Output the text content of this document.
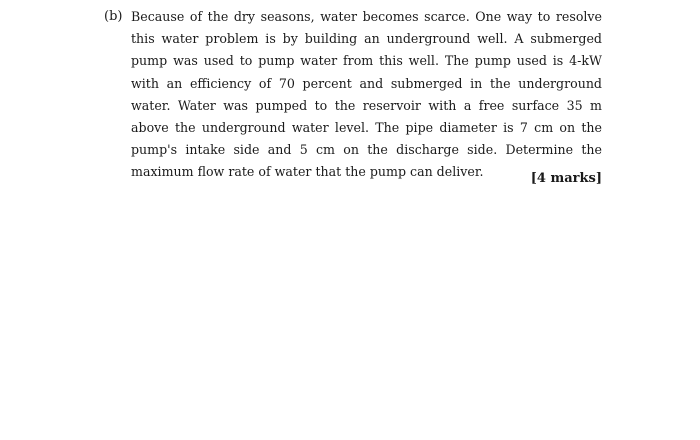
(b) Because of the dry seasons, water becomes scarce. One way to resolve this water problem is by building an underground well. A submerged pump was used to pump water from this well. The pump used is 4-kW with an efficiency of 70 percent and submerged in the underground water. Water was pumped to the reservoir with a free surface 35 m above the underground water level. The pipe diameter is 7 cm on the pump's intake side and 5 cm on the discharge side. Determine the maximum flow rate of water that the pump can deliver.	[4 marks]
